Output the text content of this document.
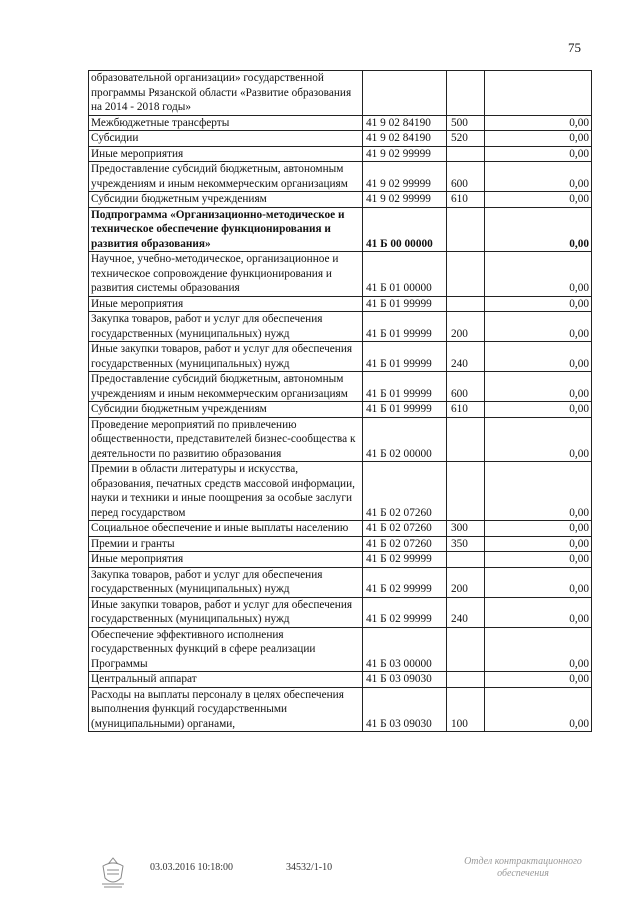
75
образовательной организации» государственной программы Рязанской области «Развитие образования на 2014 - 2018 годы»			
Межбюджетные трансферты	41 9 02 84190	500	0,00
Субсидии	41 9 02 84190	520	0,00
Иные мероприятия	41 9 02 99999		0,00
Предоставление субсидий бюджетным, автономным учреждениям и иным некоммерческим организациям	41 9 02 99999	600	0,00
Субсидии бюджетным учреждениям	41 9 02 99999	610	0,00
Подпрограмма «Организационно-методическое и техническое обеспечение функционирования и развития образования»	41 Б 00 00000		0,00
Научное, учебно-методическое, организационное и техническое сопровождение функционирования и развития системы образования	41 Б 01 00000		0,00
Иные мероприятия	41 Б 01 99999		0,00
Закупка товаров, работ и услуг для обеспечения государственных (муниципальных) нужд	41 Б 01 99999	200	0,00
Иные закупки товаров, работ и услуг для обеспечения государственных (муниципальных) нужд	41 Б 01 99999	240	0,00
Предоставление субсидий бюджетным, автономным учреждениям и иным некоммерческим организациям	41 Б 01 99999	600	0,00
Субсидии бюджетным учреждениям	41 Б 01 99999	610	0,00
Проведение мероприятий по привлечению общественности, представителей бизнес-сообщества к деятельности по развитию образования	41 Б 02 00000		0,00
Премии в области литературы и искусства, образования, печатных средств массовой информации, науки и техники и иные поощрения за особые заслуги перед государством	41 Б 02 07260		0,00
Социальное обеспечение и иные выплаты населению	41 Б 02 07260	300	0,00
Премии и гранты	41 Б 02 07260	350	0,00
Иные мероприятия	41 Б 02 99999		0,00
Закупка товаров, работ и услуг для обеспечения государственных (муниципальных) нужд	41 Б 02 99999	200	0,00
Иные закупки товаров, работ и услуг для обеспечения государственных (муниципальных) нужд	41 Б 02 99999	240	0,00
Обеспечение эффективного исполнения государственных функций в сфере реализации Программы	41 Б 03 00000		0,00
Центральный аппарат	41 Б 03 09030		0,00
Расходы на выплаты персоналу в целях обеспечения выполнения функций государственными (муниципальными) органами,	41 Б 03 09030	100	0,00
03.03.2016 10:18:00	34532/1-10
Отдел контрактационного обеспечения
